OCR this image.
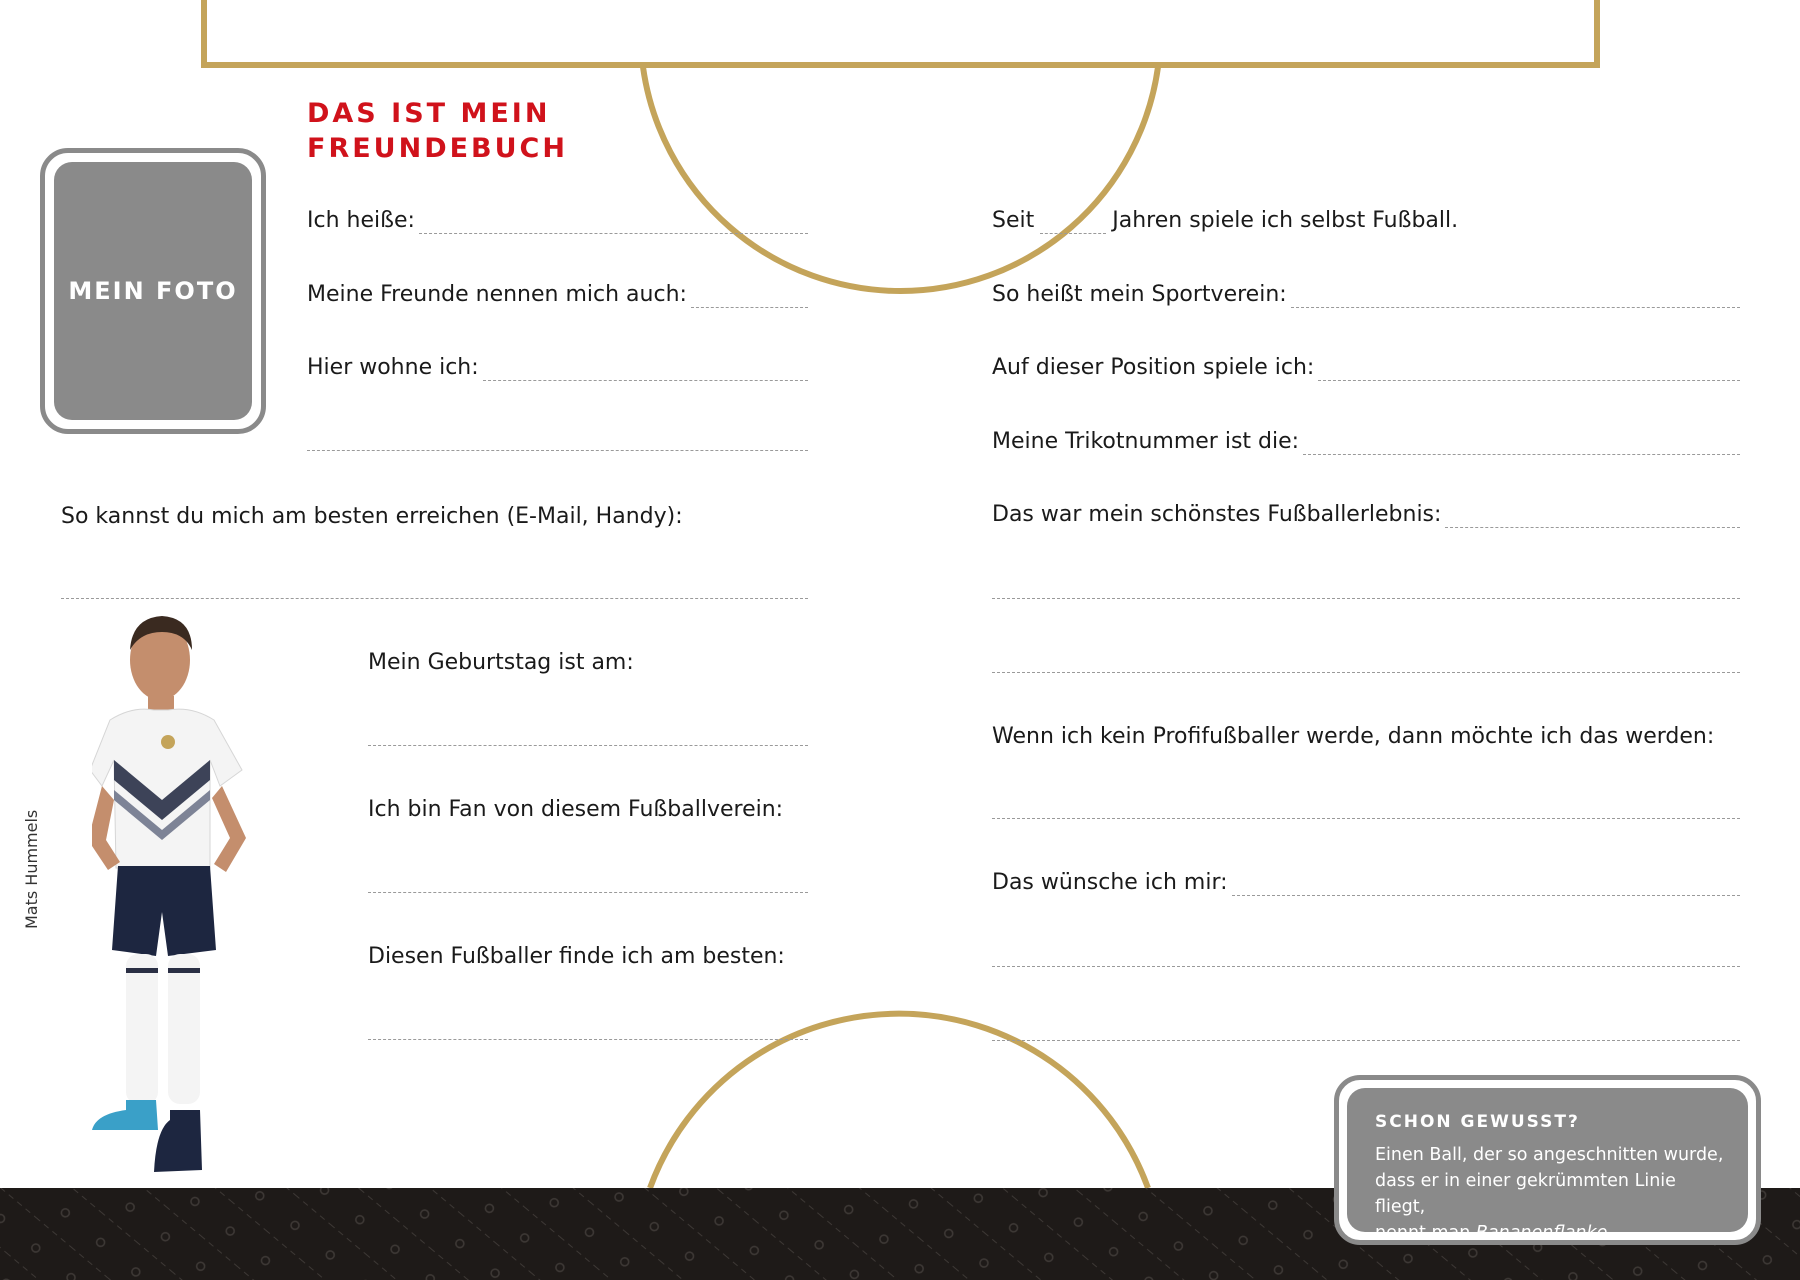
DAS IST MEIN
FREUNDEBUCH
MEIN FOTO
Ich heiße:
Meine Freunde nennen mich auch:
Hier wohne ich:
So kannst du mich am besten erreichen (E-Mail, Handy):
Mein Geburtstag ist am:
Ich bin Fan von diesem Fußballverein:
Diesen Fußballer finde ich am besten:
Seit	Jahren spiele ich selbst Fußball.
So heißt mein Sportverein:
Auf dieser Position spiele ich:
Meine Trikotnummer ist die:
Das war mein schönstes Fußballerlebnis:
Wenn ich kein Profifußballer werde, dann möchte ich das werden:
Das wünsche ich mir:
Mats Hummels
SCHON GEWUSST?
Einen Ball, der so angeschnitten wurde,
dass er in einer gekrümmten Linie fliegt,
nennt man Bananenflanke.
